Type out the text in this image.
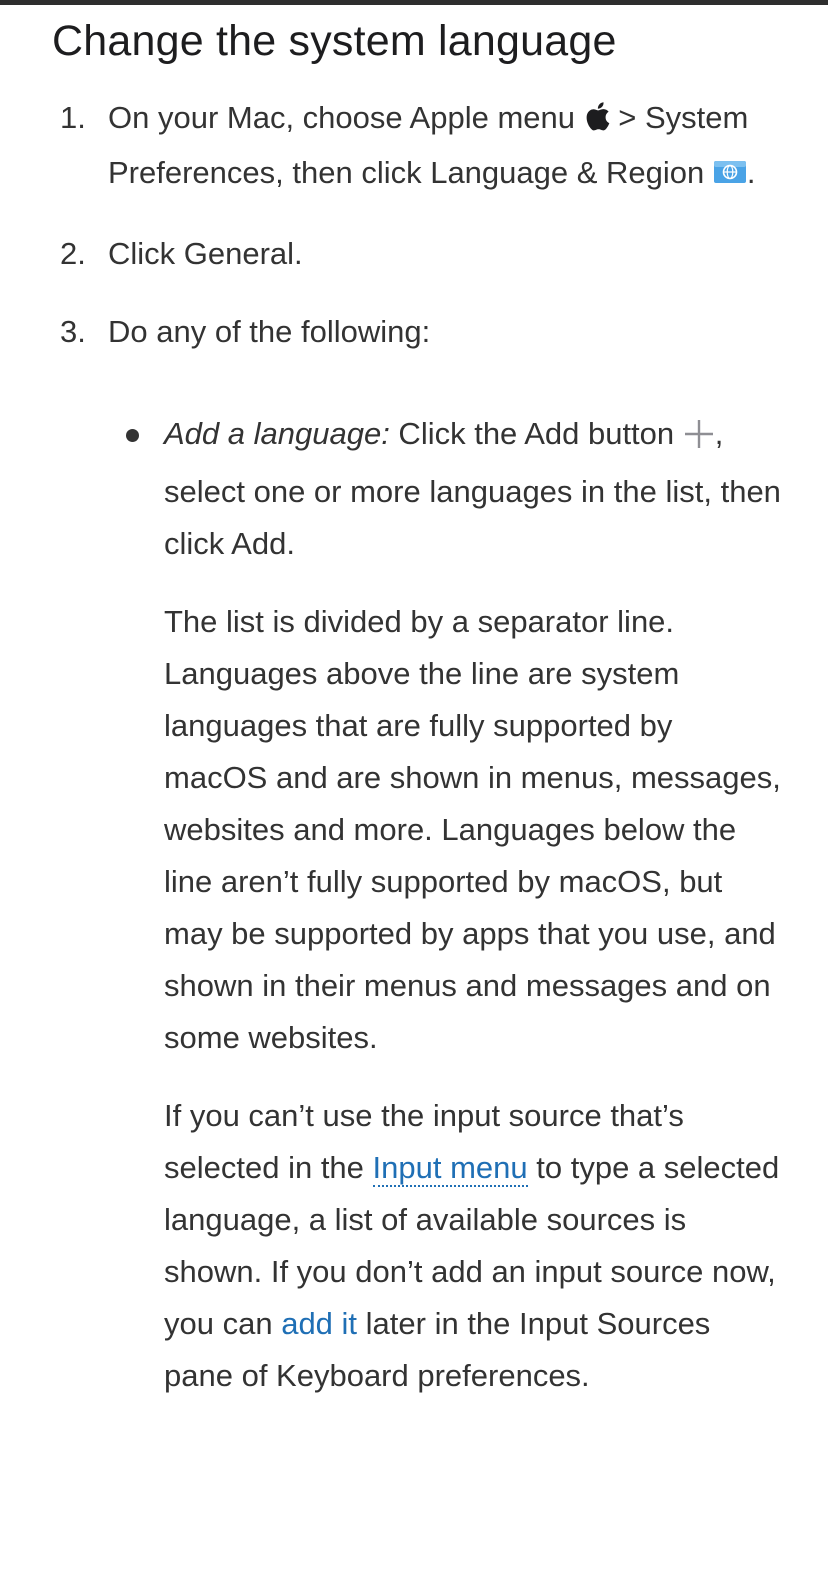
Change the system language
1. On your Mac, choose Apple menu  > System Preferences, then click Language & Region .
2. Click General.
3. Do any of the following:

Add a language: Click the Add button , select one or more languages in the list, then click Add.

The list is divided by a separator line. Languages above the line are system languages that are fully supported by macOS and are shown in menus, messages, websites and more. Languages below the line aren’t fully supported by macOS, but may be supported by apps that you use, and shown in their menus and messages and on some websites.

If you can’t use the input source that’s selected in the Input menu to type a selected language, a list of available sources is shown. If you don’t add an input source now, you can add it later in the Input Sources pane of Keyboard preferences.
